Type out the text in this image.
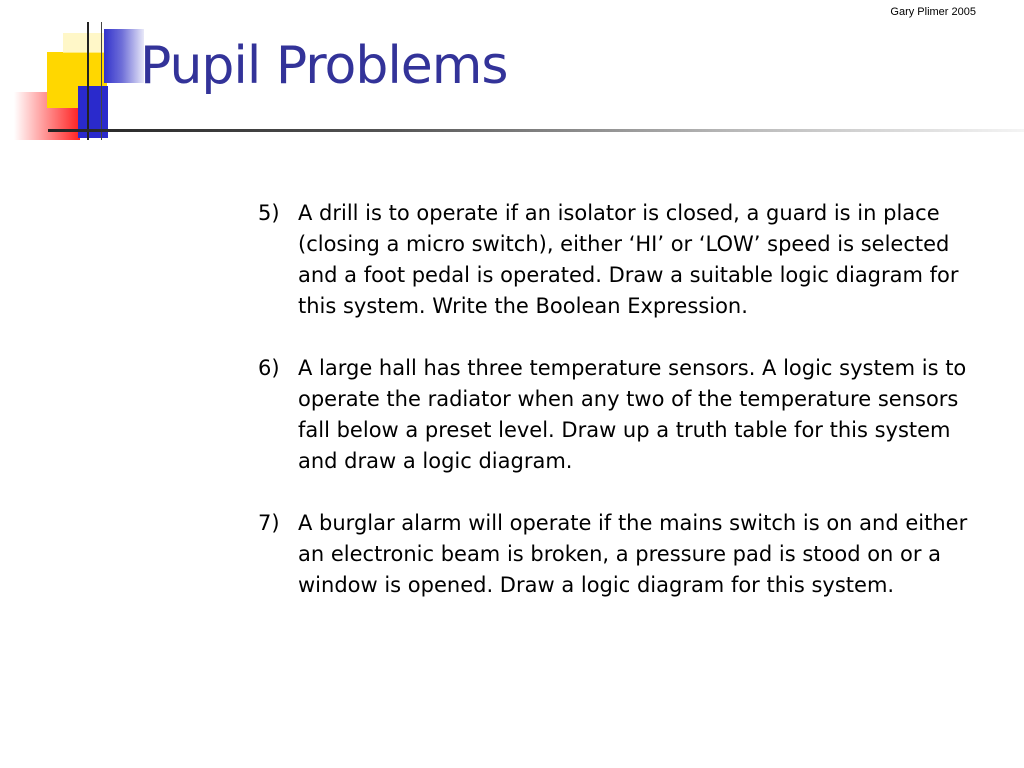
Gary Plimer 2005
Pupil Problems
5) A drill is to operate if an isolator is closed, a guard is in place (closing a micro switch), either ‘HI’ or ‘LOW’ speed is selected and a foot pedal is operated. Draw a suitable logic diagram for this system. Write the Boolean Expression.
6) A large hall has three temperature sensors. A logic system is to operate the radiator when any two of the temperature sensors fall below a preset level. Draw up a truth table for this system and draw a logic diagram.
7) A burglar alarm will operate if the mains switch is on and either an electronic beam is broken, a pressure pad is stood on or a window is opened. Draw a logic diagram for this system.
